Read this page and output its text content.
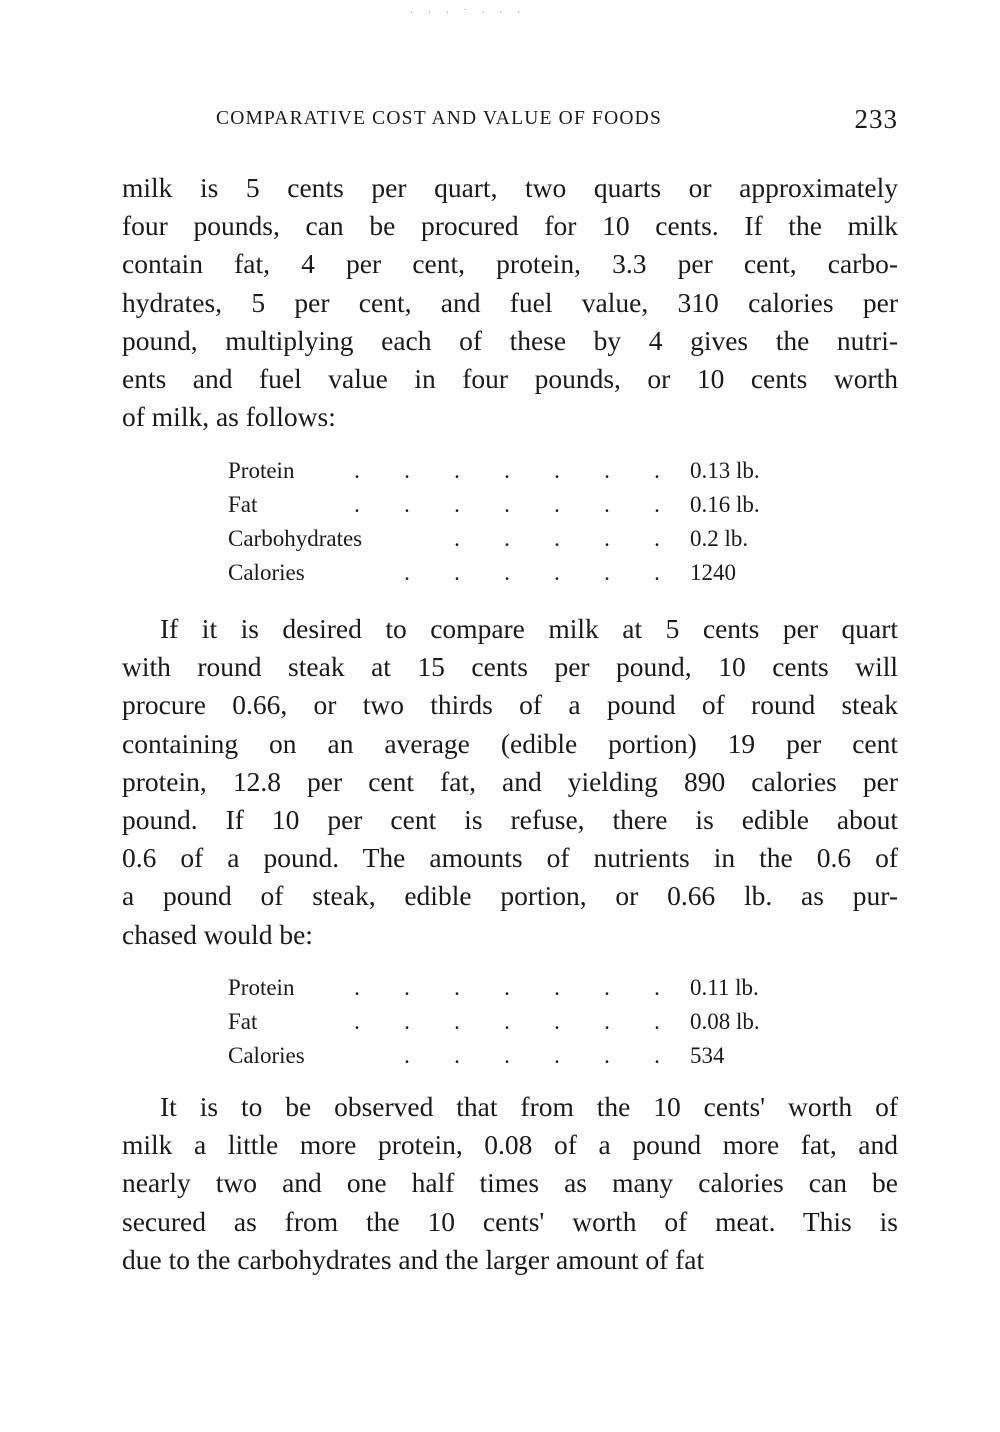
· · · ˙ · · ·
COMPARATIVE COST AND VALUE OF FOODS	233
milk is 5 cents per quart, two quarts or approximately
four pounds, can be procured for 10 cents. If the milk
contain fat, 4 per cent, protein, 3.3 per cent, carbo-
hydrates, 5 per cent, and fuel value, 310 calories per
pound, multiplying each of these by 4 gives the nutri-
ents and fuel value in four pounds, or 10 cents worth
of milk, as follows:
Protein	.	.	.	.	.	.	.	0.13 lb.
Fat	.	.	.	.	.	.	.	0.16 lb.
Carbohydrates	.	.	.	.	.	0.2 lb.
Calories	.	.	.	.	.	.	1240
If it is desired to compare milk at 5 cents per quart
with round steak at 15 cents per pound, 10 cents will
procure 0.66, or two thirds of a pound of round steak
containing on an average (edible portion) 19 per cent
protein, 12.8 per cent fat, and yielding 890 calories per
pound. If 10 per cent is refuse, there is edible about
0.6 of a pound. The amounts of nutrients in the 0.6 of
a pound of steak, edible portion, or 0.66 lb. as pur-
chased would be:
Protein	.	.	.	.	.	.	.	0.11 lb.
Fat	.	.	.	.	.	.	.	0.08 lb.
Calories	.	.	.	.	.	.	534
It is to be observed that from the 10 cents' worth of
milk a little more protein, 0.08 of a pound more fat, and
nearly two and one half times as many calories can be
secured as from the 10 cents' worth of meat. This is
due to the carbohydrates and the larger amount of fat
